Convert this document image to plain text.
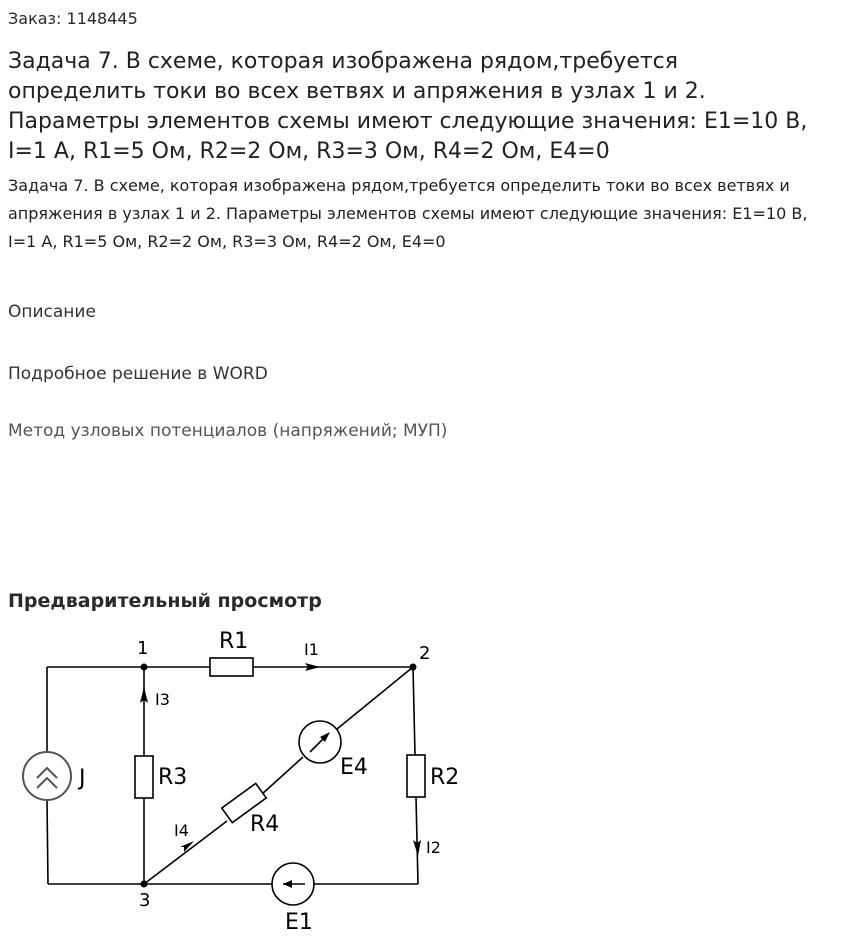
Заказ: 1148445
Задача 7. В схеме, которая изображена рядом,требуется определить токи во всех ветвях и апряжения в узлах 1 и 2. Параметры элементов схемы имеют следующие значения: E1=10 В, I=1 А, R1=5 Ом, R2=2 Ом, R3=3 Ом, R4=2 Ом, E4=0
Задача 7. В схеме, которая изображена рядом,требуется определить токи во всех ветвях и апряжения в узлах 1 и 2. Параметры элементов схемы имеют следующие значения: E1=10 В, I=1 А, R1=5 Ом, R2=2 Ом, R3=3 Ом, R4=2 Ом, E4=0
Описание
Подробное решение в WORD
Метод узловых потенциалов (напряжений; МУП)
Предварительный просмотр
1	2
3
R1
R3	R2
R4
E4
E1
J
I1
I3
I2
I4
